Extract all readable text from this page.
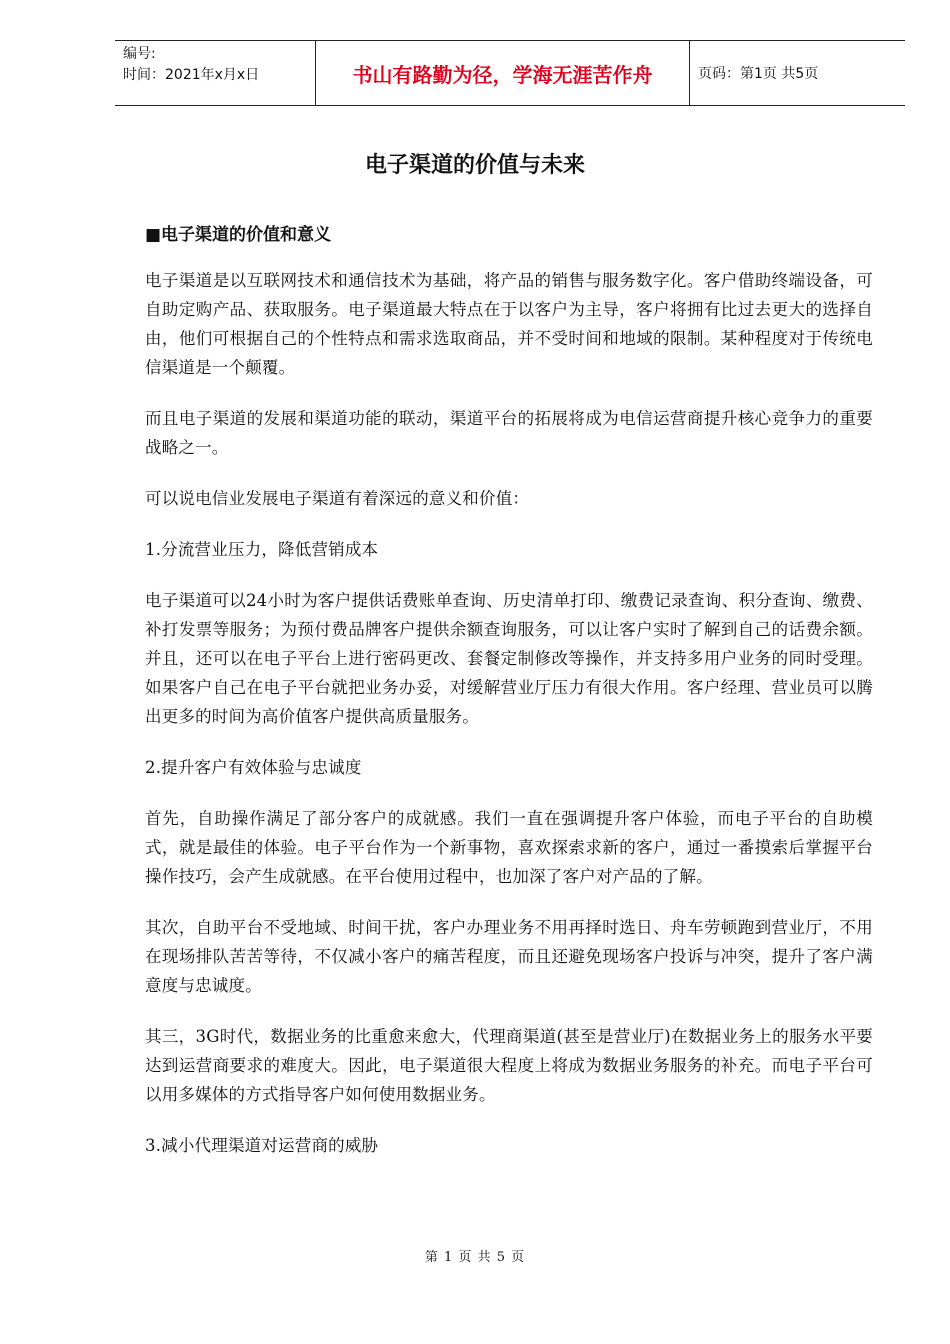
编号:
时间：2021年x月x日	书山有路勤为径，学海无涯苦作舟	页码：第1页 共5页
电子渠道的价值与未来
■电子渠道的价值和意义

电子渠道是以互联网技术和通信技术为基础，将产品的销售与服务数字化。客户借助终端设备，可自助定购产品、获取服务。电子渠道最大特点在于以客户为主导，客户将拥有比过去更大的选择自由，他们可根据自己的个性特点和需求选取商品，并不受时间和地域的限制。某种程度对于传统电信渠道是一个颠覆。

而且电子渠道的发展和渠道功能的联动，渠道平台的拓展将成为电信运营商提升核心竞争力的重要战略之一。

可以说电信业发展电子渠道有着深远的意义和价值：

1.分流营业压力，降低营销成本

电子渠道可以24小时为客户提供话费账单查询、历史清单打印、缴费记录查询、积分查询、缴费、补打发票等服务；为预付费品牌客户提供余额查询服务，可以让客户实时了解到自己的话费余额。并且，还可以在电子平台上进行密码更改、套餐定制修改等操作，并支持多用户业务的同时受理。如果客户自己在电子平台就把业务办妥，对缓解营业厅压力有很大作用。客户经理、营业员可以腾出更多的时间为高价值客户提供高质量服务。

2.提升客户有效体验与忠诚度

首先，自助操作满足了部分客户的成就感。我们一直在强调提升客户体验，而电子平台的自助模式，就是最佳的体验。电子平台作为一个新事物，喜欢探索求新的客户，通过一番摸索后掌握平台操作技巧，会产生成就感。在平台使用过程中，也加深了客户对产品的了解。

其次，自助平台不受地域、时间干扰，客户办理业务不用再择时选日、舟车劳顿跑到营业厅，不用在现场排队苦苦等待，不仅减小客户的痛苦程度，而且还避免现场客户投诉与冲突，提升了客户满意度与忠诚度。

其三，3G时代，数据业务的比重愈来愈大，代理商渠道(甚至是营业厅)在数据业务上的服务水平要达到运营商要求的难度大。因此，电子渠道很大程度上将成为数据业务服务的补充。而电子平台可以用多媒体的方式指导客户如何使用数据业务。

3.减小代理渠道对运营商的威胁

第 1 页 共 5 页
